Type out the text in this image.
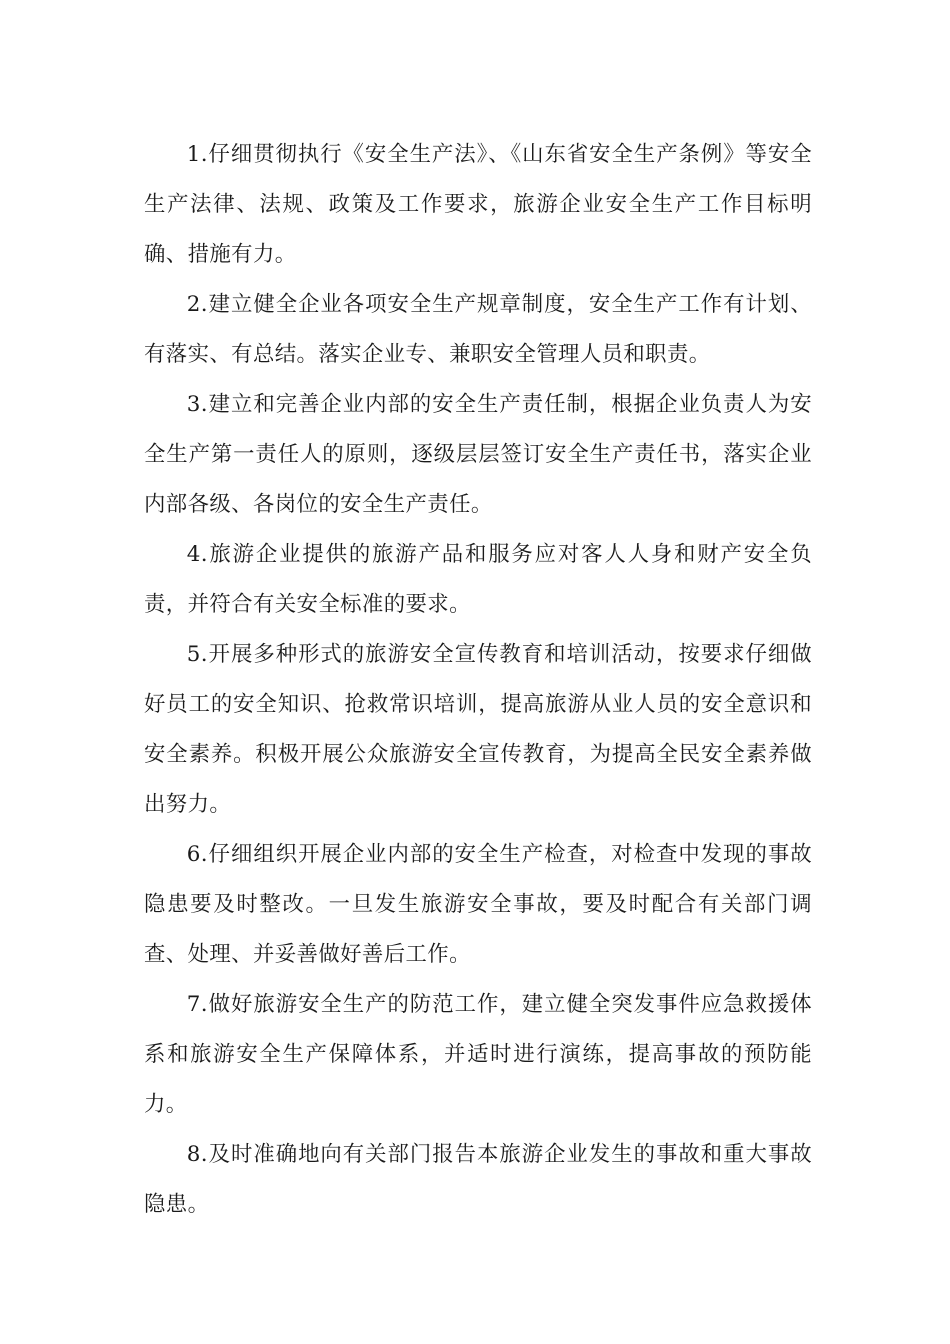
1.仔细贯彻执行《安全生产法》、《山东省安全生产条例》等安全生产法律、法规、政策及工作要求，旅游企业安全生产工作目标明确、措施有力。

2.建立健全企业各项安全生产规章制度，安全生产工作有计划、有落实、有总结。落实企业专、兼职安全管理人员和职责。

3.建立和完善企业内部的安全生产责任制，根据企业负责人为安全生产第一责任人的原则，逐级层层签订安全生产责任书，落实企业内部各级、各岗位的安全生产责任。

4.旅游企业提供的旅游产品和服务应对客人人身和财产安全负责，并符合有关安全标准的要求。

5.开展多种形式的旅游安全宣传教育和培训活动，按要求仔细做好员工的安全知识、抢救常识培训，提高旅游从业人员的安全意识和安全素养。积极开展公众旅游安全宣传教育，为提高全民安全素养做出努力。

6.仔细组织开展企业内部的安全生产检查，对检查中发现的事故隐患要及时整改。一旦发生旅游安全事故，要及时配合有关部门调查、处理、并妥善做好善后工作。

7.做好旅游安全生产的防范工作，建立健全突发事件应急救援体系和旅游安全生产保障体系，并适时进行演练，提高事故的预防能力。

8.及时准确地向有关部门报告本旅游企业发生的事故和重大事故隐患。
